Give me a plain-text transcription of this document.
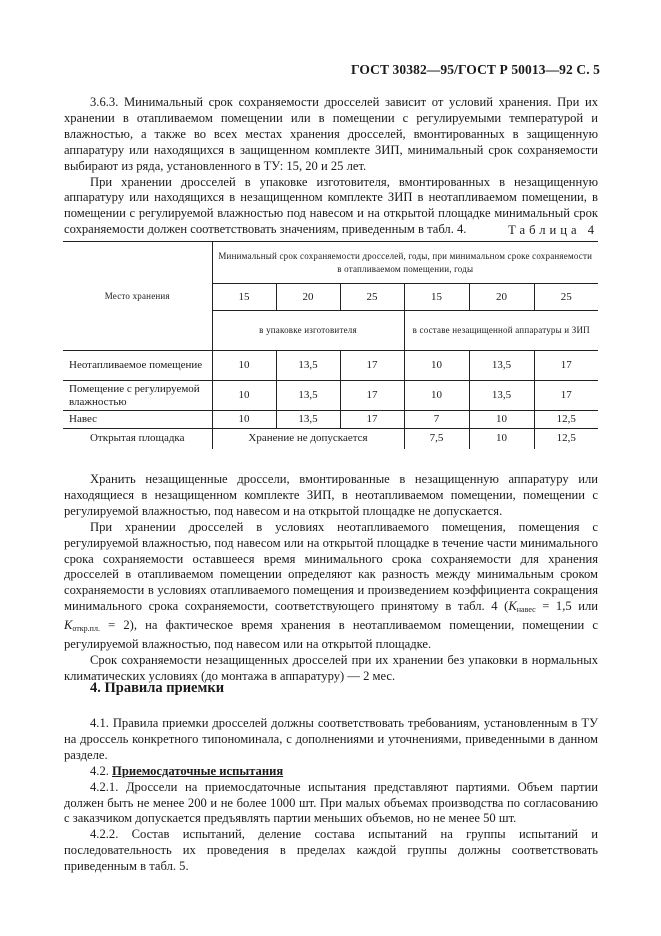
ГОСТ 30382—95/ГОСТ Р 50013—92 С. 5

3.6.3. Минимальный срок сохраняемости дросселей зависит от условий хранения. При их хранении в отапливаемом помещении или в помещении с регулируемыми температурой и влажностью, а также во всех местах хранения дросселей, вмонтированных в защищенную аппаратуру или находящихся в защищенном комплекте ЗИП, минимальный срок сохраняемости выбирают из ряда, установленного в ТУ: 15, 20 и 25 лет.

При хранении дросселей в упаковке изготовителя, вмонтированных в незащищенную аппаратуру или находящихся в незащищенном комплекте ЗИП в неотапливаемом помещении, в помещении с регулируемой влажностью под навесом и на открытой площадке минимальный срок сохраняемости должен соответствовать значениям, приведенным в табл. 4.	Таблица 4
Место хранения	Минимальный срок сохраняемости дросселей, годы, при минимальном сроке сохраняемости в отапливаемом помещении, годы					
	15	20	25	15	20	25
	в упаковке изготовителя			в составе незащищенной аппаратуры и ЗИП		
Неотапливаемое помещение	10	13,5	17	10	13,5	17
Помещение с регулируемой влажностью	10	13,5	17	10	13,5	17
Навес	10	13,5	17	7	10	12,5
Открытая площадка	Хранение не допускается			7,5	10	12,5

Хранить незащищенные дроссели, вмонтированные в незащищенную аппаратуру или находящиеся в незащищенном комплекте ЗИП, в неотапливаемом помещении, помещении с регулируемой влажностью, под навесом и на открытой площадке не допускается.

При хранении дросселей в условиях неотапливаемого помещения, помещения с регулируемой влажностью, под навесом или на открытой площадке в течение части минимального срока сохраняемости оставшееся время минимального срока сохраняемости для хранения дросселей в отапливаемом помещении определяют как разность между минимальным сроком сохраняемости в условиях отапливаемого помещения и произведением коэффициента сокращения минимального срока сохраняемости, соответствующего принятому в табл. 4 ($K_{навес} = 1,5$ или $K_{откр.пл.} = 2$), на фактическое время хранения в неотапливаемом помещении, помещении с регулируемой влажностью, под навесом или на открытой площадке.

Срок сохраняемости незащищенных дросселей при их хранении без упаковки в нормальных климатических условиях (до монтажа в аппаратуру) — 2 мес.

4. Правила приемки

4.1. Правила приемки дросселей должны соответствовать требованиям, установленным в ТУ на дроссель конкретного типономинала, с дополнениями и уточнениями, приведенными в данном разделе.

4.2. Приемосдаточные испытания

4.2.1. Дроссели на приемосдаточные испытания представляют партиями. Объем партии должен быть не менее 200 и не более 1000 шт. При малых объемах производства по согласованию с заказчиком допускается предъявлять партии меньших объемов, но не менее 50 шт.

4.2.2. Состав испытаний, деление состава испытаний на группы испытаний и последовательность их проведения в пределах каждой группы должны соответствовать приведенным в табл. 5.
